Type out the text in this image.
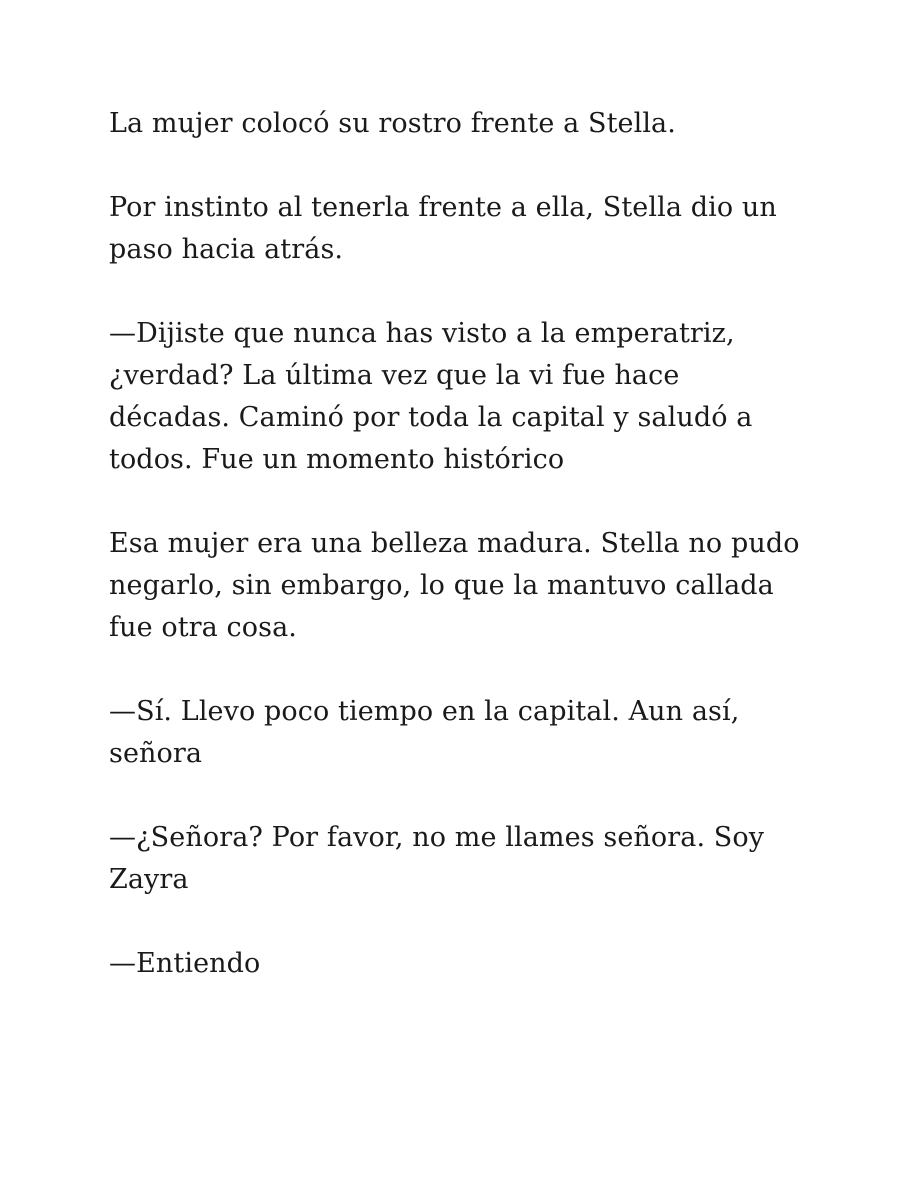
La mujer colocó su rostro frente a Stella.

Por instinto al tenerla frente a ella, Stella dio un paso hacia atrás.

—Dijiste que nunca has visto a la emperatriz, ¿verdad? La última vez que la vi fue hace décadas. Caminó por toda la capital y saludó a todos. Fue un momento histórico

Esa mujer era una belleza madura. Stella no pudo negarlo, sin embargo, lo que la mantuvo callada fue otra cosa.

—Sí. Llevo poco tiempo en la capital. Aun así, señora

—¿Señora? Por favor, no me llames señora. Soy Zayra

—Entiendo
